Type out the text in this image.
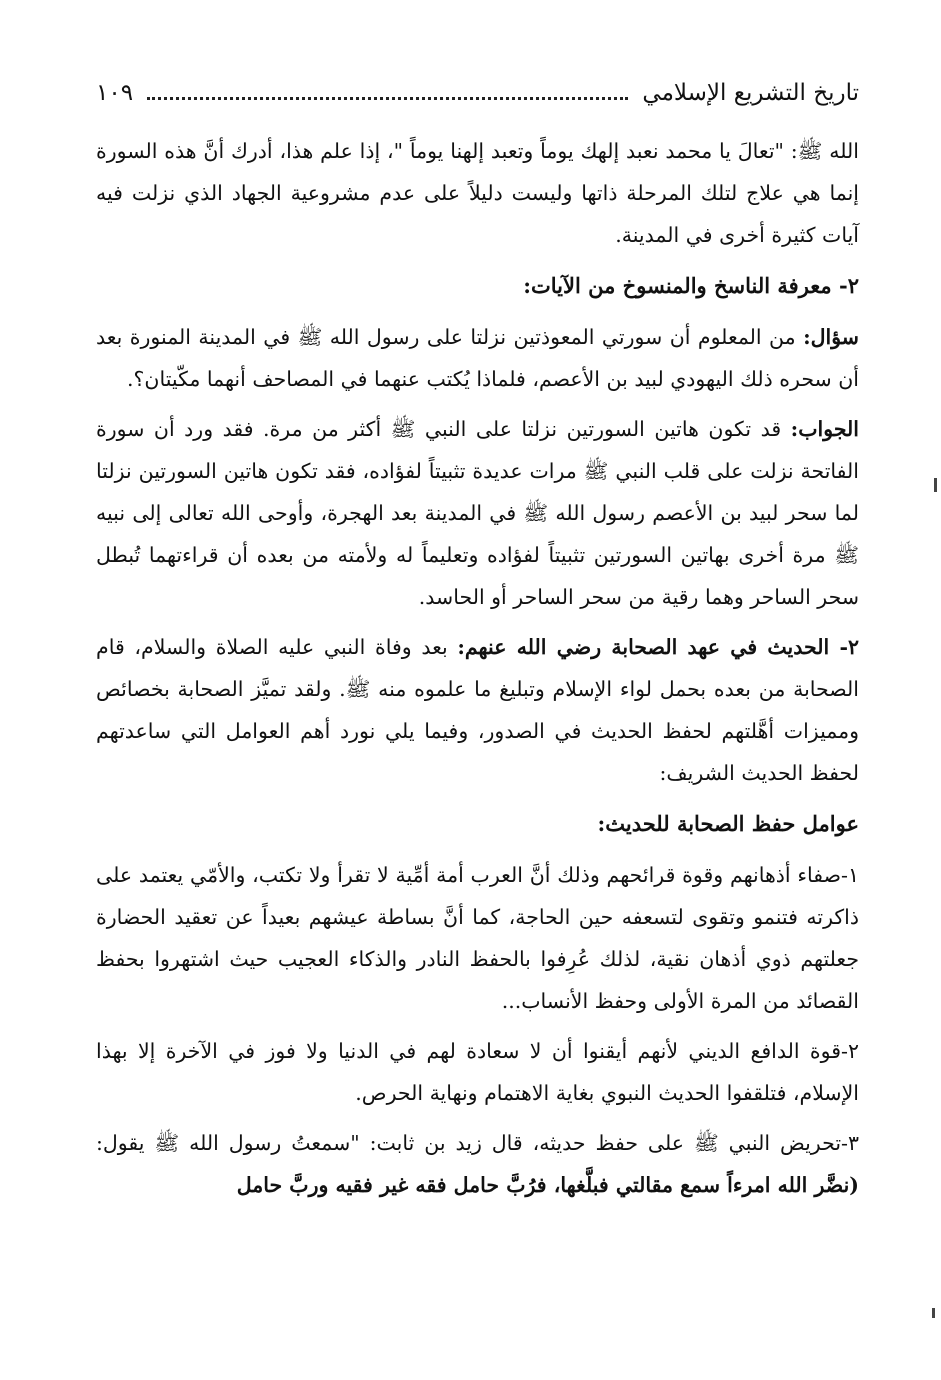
تاريخ التشريع الإسلامي
١٠٩

الله ﷺ: "تعالَ يا محمد نعبد إلهك يوماً وتعبد إلهنا يوماً "، إذا علم هذا، أدرك أنَّ هذه السورة إنما هي علاج لتلك المرحلة ذاتها وليست دليلاً على عدم مشروعية الجهاد الذي نزلت فيه آيات كثيرة أخرى في المدينة.

٢- معرفة الناسخ والمنسوخ من الآيات:

سؤال: من المعلوم أن سورتي المعوذتين نزلتا على رسول الله ﷺ في المدينة المنورة بعد أن سحره ذلك اليهودي لبيد بن الأعصم، فلماذا يُكتب عنهما في المصاحف أنهما مكّيتان؟.

الجواب: قد تكون هاتين السورتين نزلتا على النبي ﷺ أكثر من مرة. فقد ورد أن سورة الفاتحة نزلت على قلب النبي ﷺ مرات عديدة تثبيتاً لفؤاده، فقد تكون هاتين السورتين نزلتا لما سحر لبيد بن الأعصم رسول الله ﷺ في المدينة بعد الهجرة، وأوحى الله تعالى إلى نبيه ﷺ مرة أخرى بهاتين السورتين تثبيتاً لفؤاده وتعليماً له ولأمته من بعده أن قراءتهما تُبطل سحر الساحر وهما رقية من سحر الساحر أو الحاسد.

٢- الحديث في عهد الصحابة رضي الله عنهم: بعد وفاة النبي عليه الصلاة والسلام، قام الصحابة من بعده بحمل لواء الإسلام وتبليغ ما علموه منه ﷺ. ولقد تميَّز الصحابة بخصائص ومميزات أهَّلتهم لحفظ الحديث في الصدور، وفيما يلي نورد أهم العوامل التي ساعدتهم لحفظ الحديث الشريف:

عوامل حفظ الصحابة للحديث:

١-صفاء أذهانهم وقوة قرائحهم وذلك أنَّ العرب أمة أمِّية لا تقرأ ولا تكتب، والأمّي يعتمد على ذاكرته فتنمو وتقوى لتسعفه حين الحاجة، كما أنَّ بساطة عيشهم بعيداً عن تعقيد الحضارة جعلتهم ذوي أذهان نقية، لذلك عُرِفوا بالحفظ النادر والذكاء العجيب حيث اشتهروا بحفظ القصائد من المرة الأولى وحفظ الأنساب...

٢-قوة الدافع الديني لأنهم أيقنوا أن لا سعادة لهم في الدنيا ولا فوز في الآخرة إلا بهذا الإسلام، فتلقفوا الحديث النبوي بغاية الاهتمام ونهاية الحرص.

٣-تحريض النبي ﷺ على حفظ حديثه، قال زيد بن ثابت: "سمعتُ رسول الله ﷺ يقول: (نضَّر الله امرءاً سمع مقالتي فبلَّغها، فرُبَّ حامل فقه غير فقيه وربَّ حامل
